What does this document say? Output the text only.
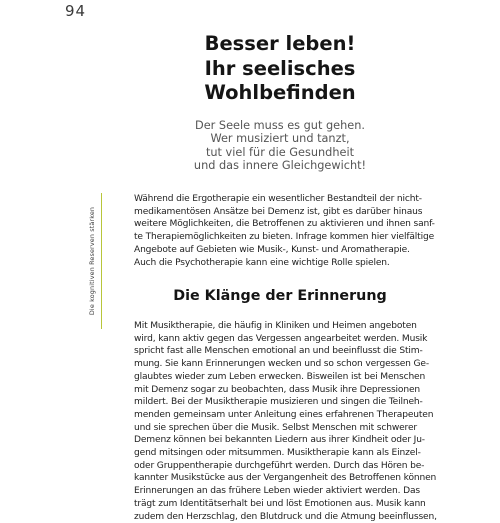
94
Die kognitiven Reserven stärken
Besser leben!
Ihr seelisches
Wohlbefinden
Der Seele muss es gut gehen.
Wer musiziert und tanzt,
tut viel für die Gesundheit
und das innere Gleichgewicht!
Während die Ergotherapie ein wesentlicher Bestandteil der nicht-
medikamentösen Ansätze bei Demenz ist, gibt es darüber hinaus
weitere Möglichkeiten, die Betroffenen zu aktivieren und ihnen sanf-
te Therapiemöglichkeiten zu bieten. Infrage kommen hier vielfältige
Angebote auf Gebieten wie Musik-, Kunst- und Aromatherapie.
Auch die Psychotherapie kann eine wichtige Rolle spielen.
Die Klänge der Erinnerung
Mit Musiktherapie, die häufig in Kliniken und Heimen angeboten
wird, kann aktiv gegen das Vergessen angearbeitet werden. Musik
spricht fast alle Menschen emotional an und beeinflusst die Stim-
mung. Sie kann Erinnerungen wecken und so schon vergessen Ge-
glaubtes wieder zum Leben erwecken. Bisweilen ist bei Menschen
mit Demenz sogar zu beobachten, dass Musik ihre Depressionen
mildert. Bei der Musiktherapie musizieren und singen die Teilneh-
menden gemeinsam unter Anleitung eines erfahrenen Therapeuten
und sie sprechen über die Musik. Selbst Menschen mit schwerer
Demenz können bei bekannten Liedern aus ihrer Kindheit oder Ju-
gend mitsingen oder mitsummen. Musiktherapie kann als Einzel-
oder Gruppentherapie durchgeführt werden. Durch das Hören be-
kannter Musikstücke aus der Vergangenheit des Betroffenen können
Erinnerungen an das frühere Leben wieder aktiviert werden. Das
trägt zum Identitätserhalt bei und löst Emotionen aus. Musik kann
zudem den Herzschlag, den Blutdruck und die Atmung beeinflussen,
